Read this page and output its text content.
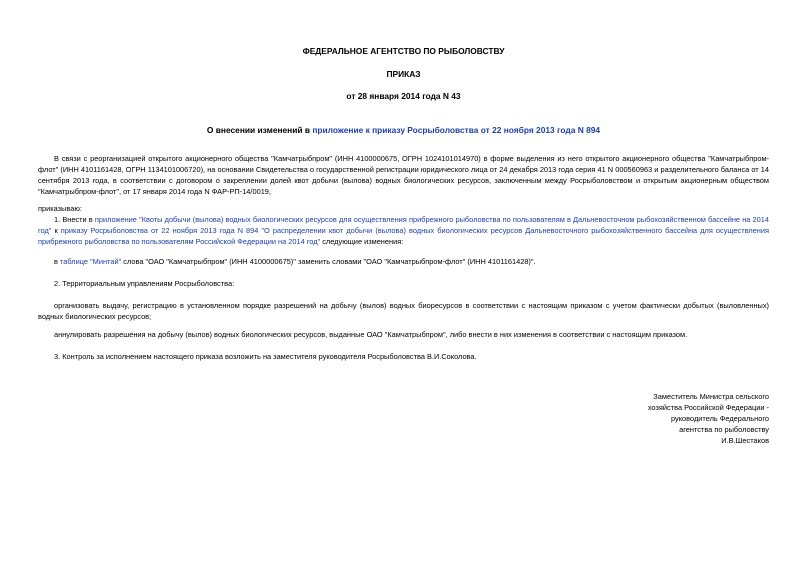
ФЕДЕРАЛЬНОЕ АГЕНТСТВО ПО РЫБОЛОВСТВУ
ПРИКАЗ
от 28 января 2014 года N 43
О внесении изменений в приложение к приказу Росрыболовства от 22 ноября 2013 года N 894
В связи с реорганизацией открытого акционерного общества "Камчатрыбпром" (ИНН 4100000675, ОГРН 1024101014970) в форме выделения из него открытого акционерного общества "Камчатрыбпром-флот" (ИНН 4101161428, ОГРН 1134101006720), на основании Свидетельства о государственной регистрации юридического лица от 24 декабря 2013 года серия 41 N 000560963 и разделительного баланса от 14 сентября 2013 года, в соответствии с договором о закреплении долей квот добычи (вылова) водных биологических ресурсов, заключенным между Росрыболовством и открытым акционерным обществом "Камчатрыбпром-флот", от 17 января 2014 года N ФАР-РП-14/0019,
приказываю:
1. Внести в приложение "Квоты добычи (вылова) водных биологических ресурсов для осуществления прибрежного рыболовства по пользователям в Дальневосточном рыбохозяйственном бассейне на 2014 год" к приказу Росрыболовства от 22 ноября 2013 года N 894 "О распределении квот добычи (вылова) водных биологических ресурсов Дальневосточного рыбохозяйственного бассейна для осуществления прибрежного рыболовства по пользователям Российской Федерации на 2014 год" следующие изменения:
в таблице "Минтай" слова "ОАО "Камчатрыбпром" (ИНН 4100000675)" заменить словами "ОАО "Камчатрыбпром-флот" (ИНН 4101161428)".
2. Территориальным управлениям Росрыболовства:
организовать выдачу, регистрацию в установленном порядке разрешений на добычу (вылов) водных биоресурсов в соответствии с настоящим приказом с учетом фактически добытых (выловленных) водных биологических ресурсов;
аннулировать разрешения на добычу (вылов) водных биологических ресурсов, выданные ОАО "Камчатрыбпром", либо внести в них изменения в соответствии с настоящим приказом.
3. Контроль за исполнением настоящего приказа возложить на заместителя руководителя Росрыболовства В.И.Соколова.
Заместитель Министра сельского
хозяйства Российской Федерации -
руководитель Федерального
агентства по рыболовству
И.В.Шестаков
